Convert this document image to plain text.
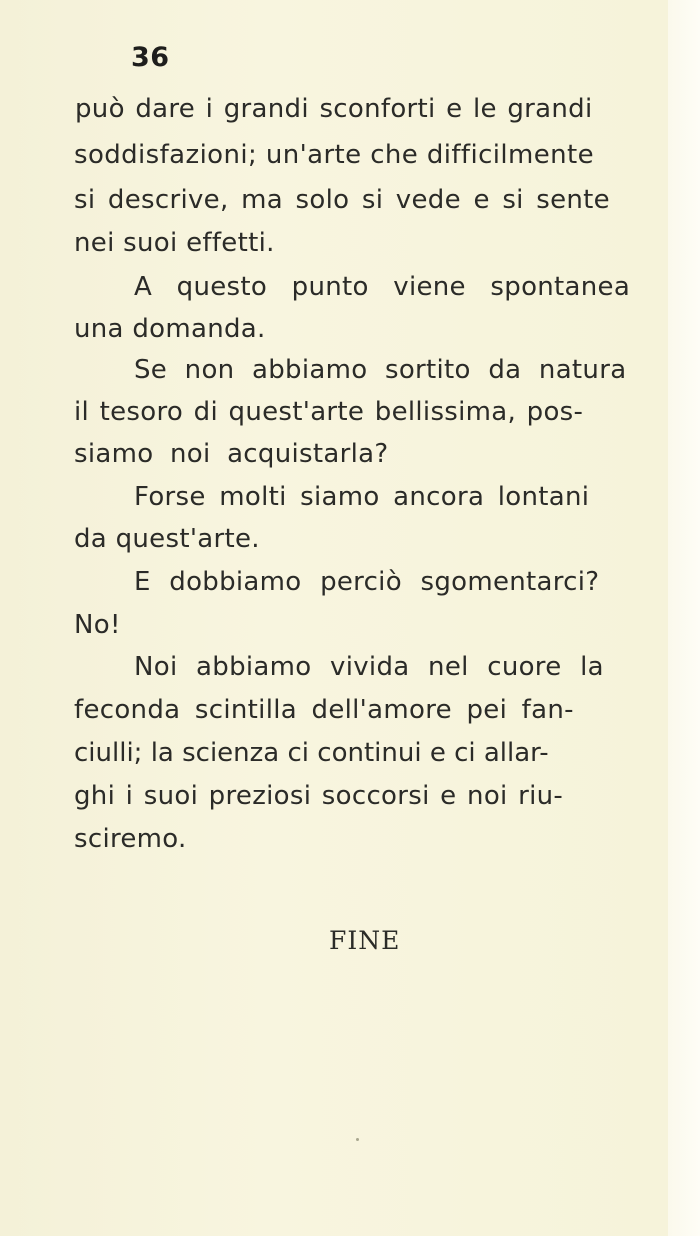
36
può dare i grandi sconforti e le grandi
soddisfazioni; un'arte che difficilmente
si descrive, ma solo si vede e si sente
nei suoi effetti.
A questo punto viene spontanea
una domanda.
Se non abbiamo sortito da natura
il tesoro di quest'arte bellissima, pos-
siamo noi acquistarla?
Forse molti siamo ancora lontani
da quest'arte.
E dobbiamo perciò sgomentarci?
No!
Noi abbiamo vivida nel cuore la
feconda scintilla dell'amore pei fan-
ciulli; la scienza ci continui e ci allar-
ghi i suoi preziosi soccorsi e noi riu-
sciremo.
FINE
